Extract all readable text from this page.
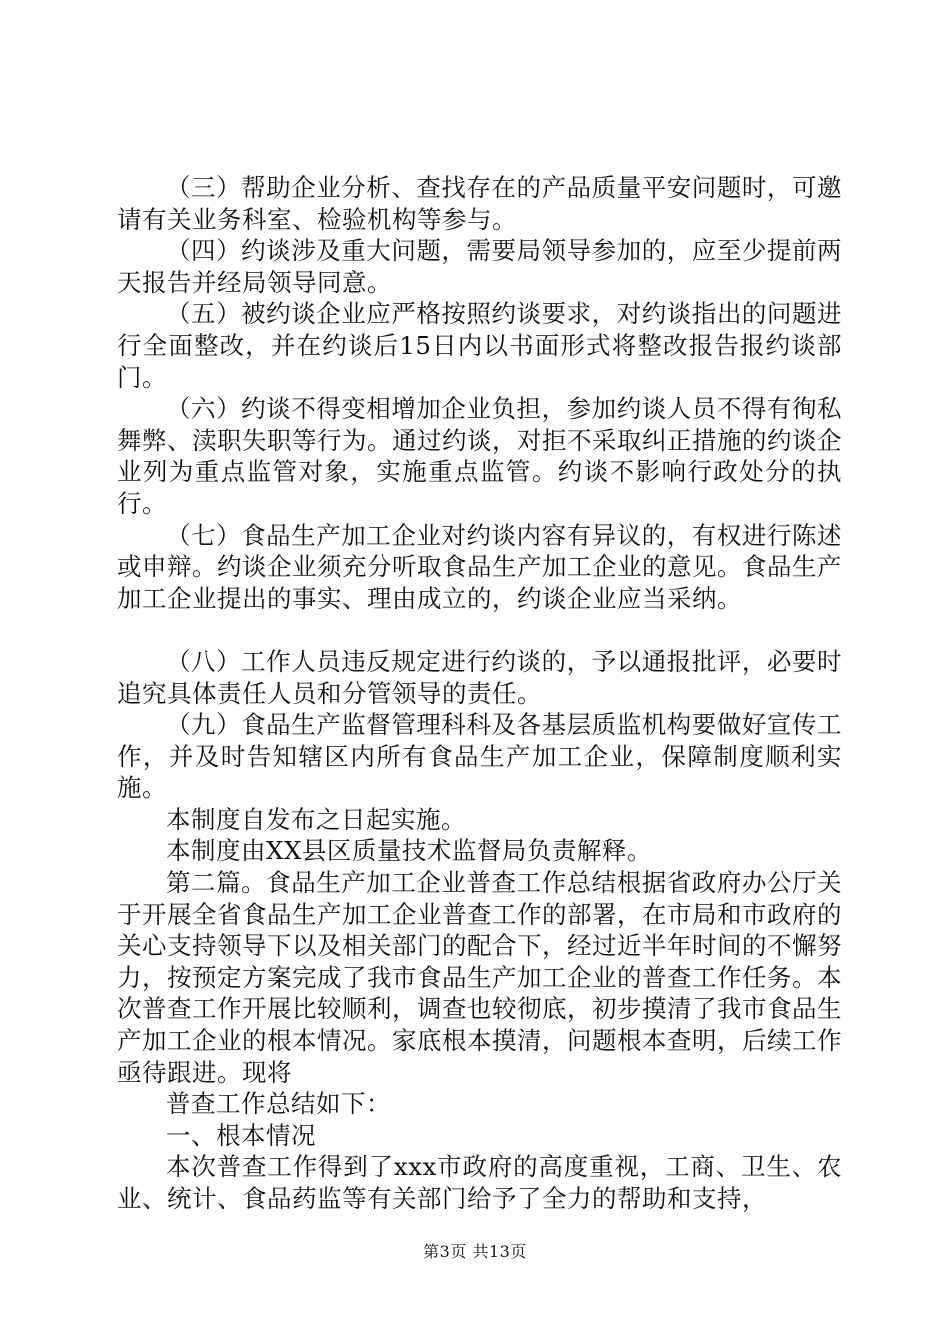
（三）帮助企业分析、查找存在的产品质量平安问题时，可邀请有关业务科室、检验机构等参与。

（四）约谈涉及重大问题，需要局领导参加的，应至少提前两天报告并经局领导同意。

（五）被约谈企业应严格按照约谈要求，对约谈指出的问题进行全面整改，并在约谈后15日内以书面形式将整改报告报约谈部门。

（六）约谈不得变相增加企业负担，参加约谈人员不得有徇私舞弊、渎职失职等行为。通过约谈，对拒不采取纠正措施的约谈企业列为重点监管对象，实施重点监管。约谈不影响行政处分的执行。

（七）食品生产加工企业对约谈内容有异议的，有权进行陈述或申辩。约谈企业须充分听取食品生产加工企业的意见。食品生产加工企业提出的事实、理由成立的，约谈企业应当采纳。

（八）工作人员违反规定进行约谈的，予以通报批评，必要时追究具体责任人员和分管领导的责任。

（九）食品生产监督管理科科及各基层质监机构要做好宣传工作，并及时告知辖区内所有食品生产加工企业，保障制度顺利实施。

本制度自发布之日起实施。

本制度由XX县区质量技术监督局负责解释。

第二篇。食品生产加工企业普查工作总结根据省政府办公厅关于开展全省食品生产加工企业普查工作的部署，在市局和市政府的关心支持领导下以及相关部门的配合下，经过近半年时间的不懈努力，按预定方案完成了我市食品生产加工企业的普查工作任务。本次普查工作开展比较顺利，调查也较彻底，初步摸清了我市食品生产加工企业的根本情况。家底根本摸清，问题根本查明，后续工作亟待跟进。现将

普查工作总结如下：

一、根本情况

本次普查工作得到了xxx市政府的高度重视，工商、卫生、农业、统计、食品药监等有关部门给予了全力的帮助和支持，

第3页 共13页
